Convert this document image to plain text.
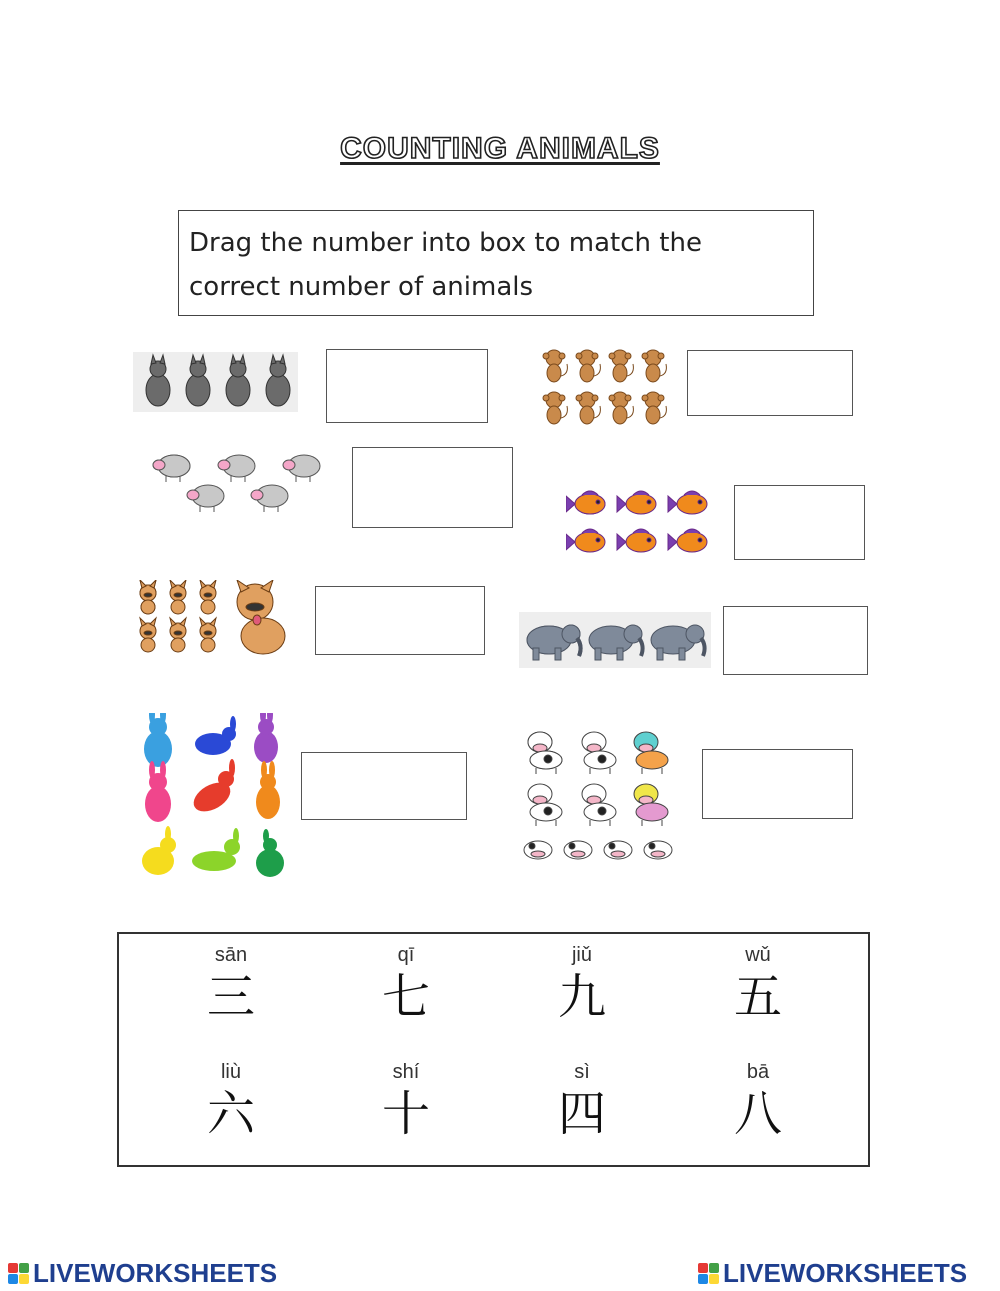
COUNTING ANIMALS
Drag the number into box to match the
correct number of animals
sān
三
qī
七
jiǔ
九
wǔ
五
liù
六
shí
十
sì
四
bā
八
LIVEWORKSHEETS	LIVEWORKSHEETS
